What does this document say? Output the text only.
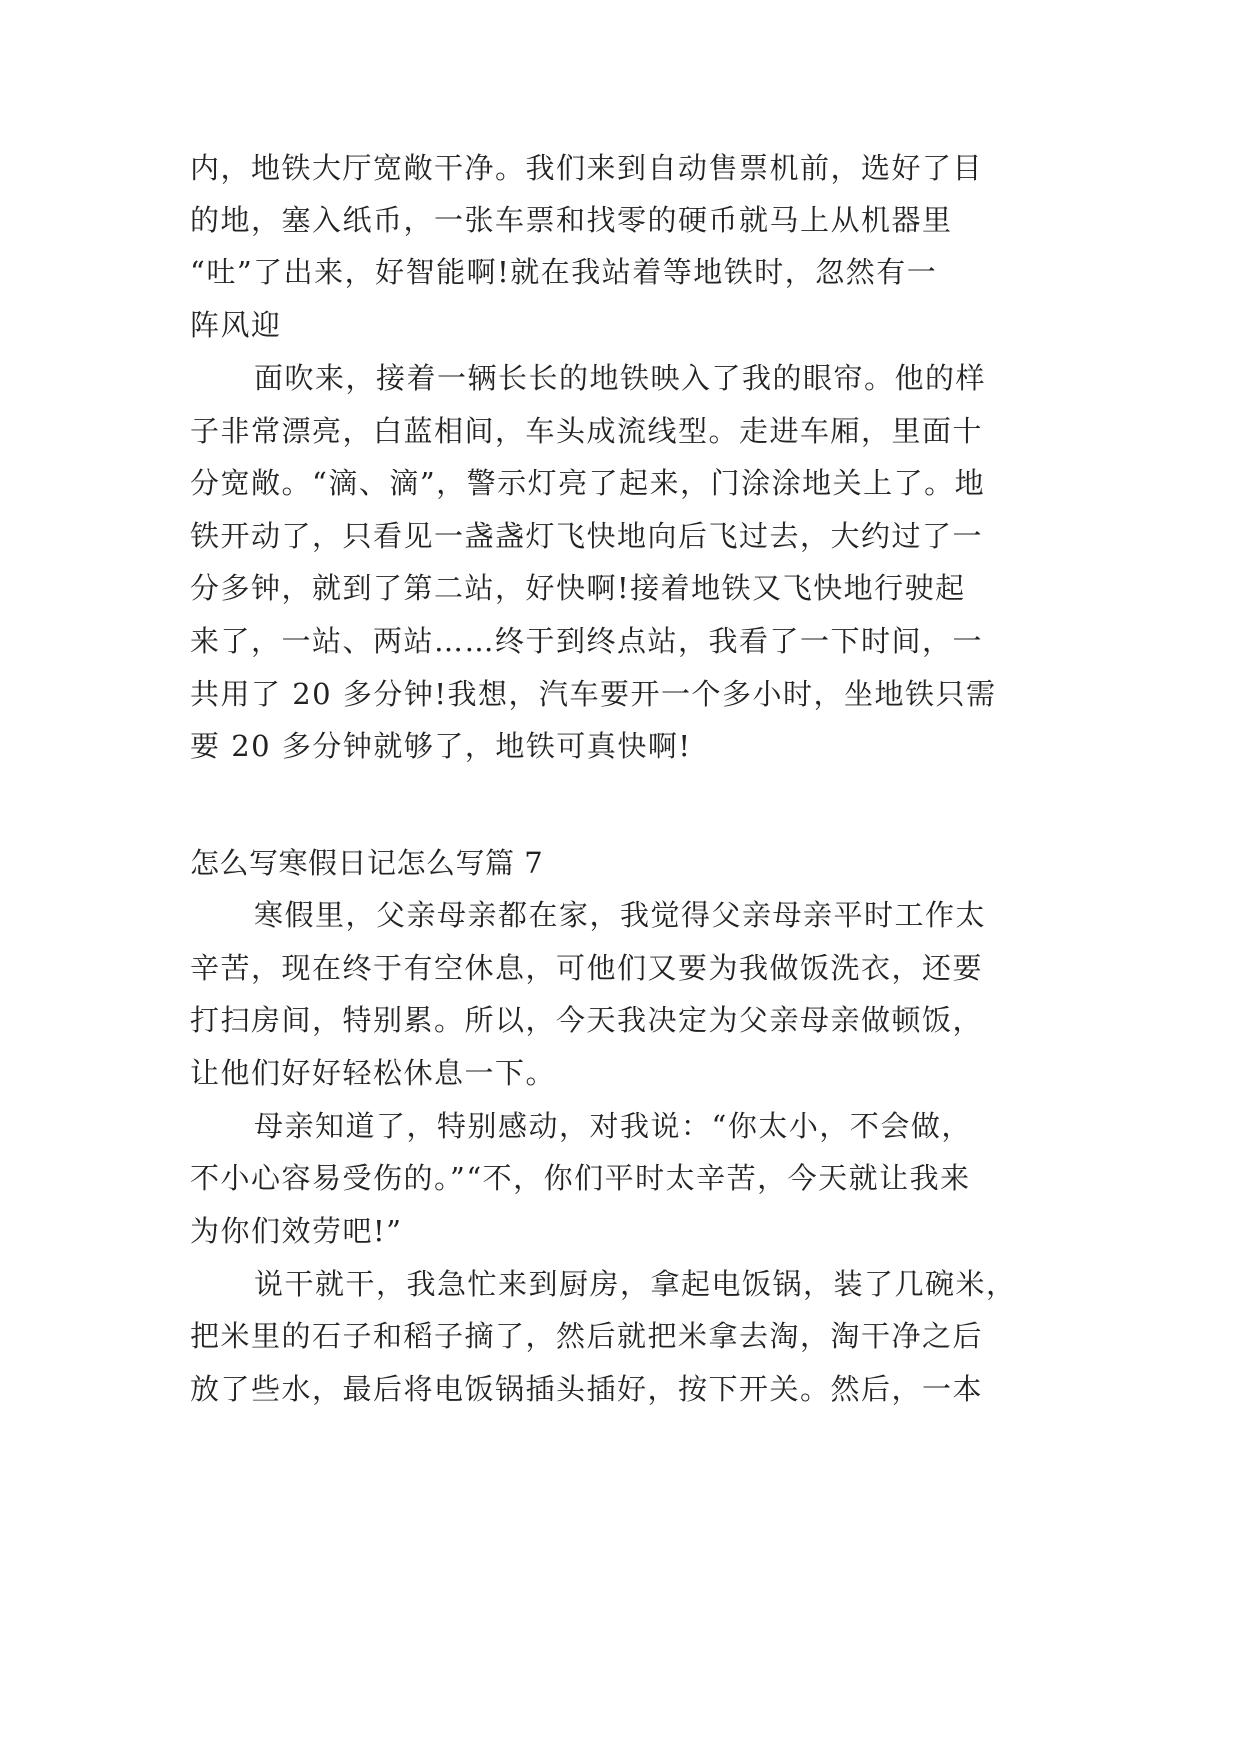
内，地铁大厅宽敞干净。我们来到自动售票机前，选好了目
的地，塞入纸币，一张车票和找零的硬币就马上从机器里
“吐”了出来，好智能啊!就在我站着等地铁时，忽然有一
阵风迎
面吹来，接着一辆长长的地铁映入了我的眼帘。他的样
子非常漂亮，白蓝相间，车头成流线型。走进车厢，里面十
分宽敞。“滴、滴”，警示灯亮了起来，门涂涂地关上了。地
铁开动了，只看见一盏盏灯飞快地向后飞过去，大约过了一
分多钟，就到了第二站，好快啊!接着地铁又飞快地行驶起
来了，一站、两站……终于到终点站，我看了一下时间，一
共用了 20 多分钟!我想，汽车要开一个多小时，坐地铁只需
要 20 多分钟就够了，地铁可真快啊!
怎么写寒假日记怎么写篇 7
寒假里，父亲母亲都在家，我觉得父亲母亲平时工作太
辛苦，现在终于有空休息，可他们又要为我做饭洗衣，还要
打扫房间，特别累。所以，今天我决定为父亲母亲做顿饭，
让他们好好轻松休息一下。
母亲知道了，特别感动，对我说：“你太小，不会做，
不小心容易受伤的。”“不，你们平时太辛苦，今天就让我来
为你们效劳吧!”
说干就干，我急忙来到厨房，拿起电饭锅，装了几碗米，
把米里的石子和稻子摘了，然后就把米拿去淘，淘干净之后
放了些水，最后将电饭锅插头插好，按下开关。然后，一本
